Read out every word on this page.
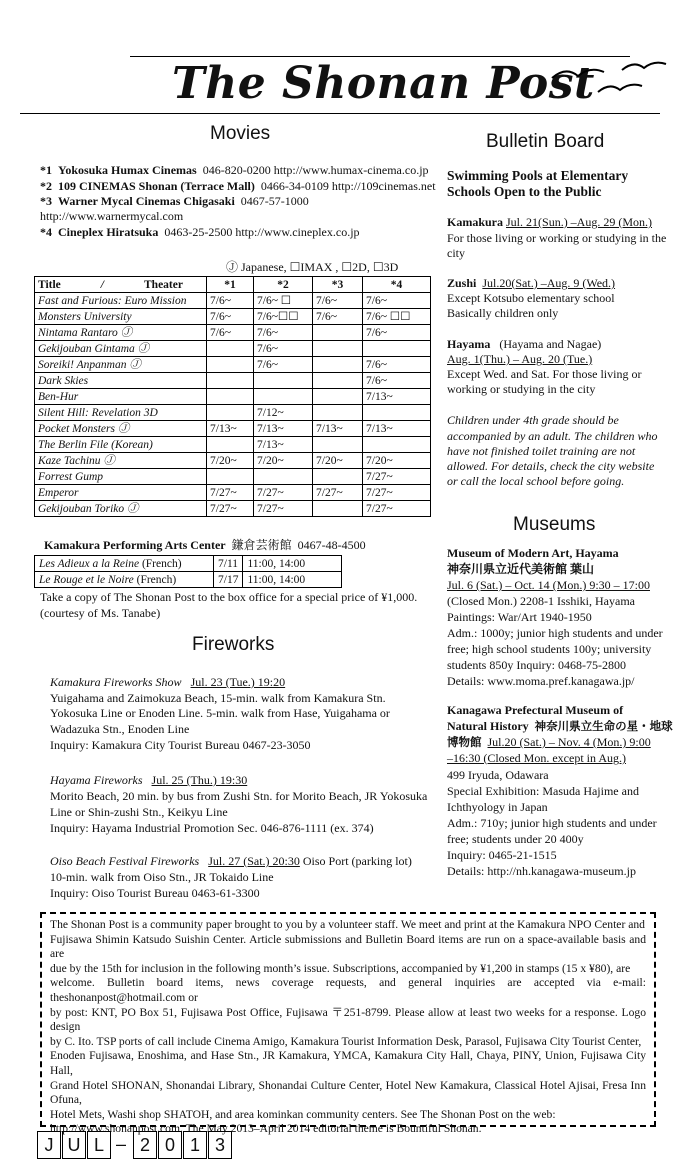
The Shonan Post
Movies
*1 Yokosuka Humax Cinemas 046-820-0200 http://www.humax-cinema.co.jp
*2 109 CINEMAS Shonan (Terrace Mall) 0466-34-0109 http://109cinemas.net
*3 Warner Mycal Cinemas Chigasaki 0467-57-1000
http://www.warnermycal.com
*4 Cineplex Hiratsuka 0463-25-2500 http://www.cineplex.co.jp
Ⓙ Japanese, ☐IMAX , ☐2D, ☐3D
Title / Theater	*1	*2	*3	*4
Fast and Furious: Euro Mission	7/6~	7/6~ ☐	7/6~	7/6~
Monsters University	7/6~	7/6~☐☐	7/6~	7/6~ ☐☐
Nintama Rantaro Ⓙ	7/6~	7/6~		7/6~
Gekijouban Gintama Ⓙ		7/6~		
Soreiki! Anpanman Ⓙ		7/6~		7/6~
Dark Skies				7/6~
Ben-Hur				7/13~
Silent Hill: Revelation 3D		7/12~		
Pocket Monsters Ⓙ	7/13~	7/13~	7/13~	7/13~
The Berlin File (Korean)		7/13~		
Kaze Tachinu Ⓙ	7/20~	7/20~	7/20~	7/20~
Forrest Gump				7/27~
Emperor	7/27~	7/27~	7/27~	7/27~
Gekijouban Toriko Ⓙ	7/27~	7/27~		7/27~
Kamakura Performing Arts Center 鎌倉芸術館 0467-48-4500
Les Adieux a la Reine (French)	7/11	11:00, 14:00
Le Rouge et le Noire (French)	7/17	11:00, 14:00
Take a copy of The Shonan Post to the box office for a special price of ¥1,000.
(courtesy of Ms. Tanabe)
Fireworks
Kamakura Fireworks Show Jul. 23 (Tue.) 19:20
Yuigahama and Zaimokuza Beach, 15-min. walk from Kamakura Stn.
Yokosuka Line or Enoden Line. 5-min. walk from Hase, Yuigahama or
Wadazuka Stn., Enoden Line
Inquiry: Kamakura City Tourist Bureau 0467-23-3050
Hayama Fireworks Jul. 25 (Thu.) 19:30
Morito Beach, 20 min. by bus from Zushi Stn. for Morito Beach, JR Yokosuka
Line or Shin-zushi Stn., Keikyu Line
Inquiry: Hayama Industrial Promotion Sec. 046-876-1111 (ex. 374)
Oiso Beach Festival Fireworks Jul. 27 (Sat.) 20:30 Oiso Port (parking lot)
10-min. walk from Oiso Stn., JR Tokaido Line
Inquiry: Oiso Tourist Bureau 0463-61-3300
Bulletin Board
Swimming Pools at Elementary
Schools Open to the Public
Kamakura Jul. 21(Sun.) –Aug. 29 (Mon.)
For those living or working or studying in the
city
Zushi Jul.20(Sat.) –Aug. 9 (Wed.)
Except Kotsubo elementary school
Basically children only
Hayama (Hayama and Nagae)
Aug. 1(Thu.) – Aug. 20 (Tue.)
Except Wed. and Sat. For those living or
working or studying in the city
Children under 4th grade should be
accompanied by an adult. The children who
have not finished toilet training are not
allowed. For details, check the city website
or call the local school before going.
Museums
Museum of Modern Art, Hayama
神奈川県立近代美術館 葉山
Jul. 6 (Sat.) – Oct. 14 (Mon.) 9:30 – 17:00
(Closed Mon.) 2208-1 Isshiki, Hayama
Paintings: War/Art 1940-1950
Adm.: 1000y; junior high students and under
free; high school students 100y; university
students 850y Inquiry: 0468-75-2800
Details: www.moma.pref.kanagawa.jp/
Kanagawa Prefectural Museum of
Natural History 神奈川県立生命の星・地球
博物館 Jul.20 (Sat.) – Nov. 4 (Mon.) 9:00
–16:30 (Closed Mon. except in Aug.)
499 Iryuda, Odawara
Special Exhibition: Masuda Hajime and
Ichthyology in Japan
Adm.: 710y; junior high students and under
free; students under 20 400y
Inquiry: 0465-21-1515
Details: http://nh.kanagawa-museum.jp
The Shonan Post is a community paper brought to you by a volunteer staff. We meet and print at the Kamakura NPO Center and
Fujisawa Shimin Katsudo Suishin Center. Article submissions and Bulletin Board items are run on a space-available basis and are
due by the 15th for inclusion in the following month’s issue. Subscriptions, accompanied by ¥1,200 in stamps (15 x ¥80), are
welcome. Bulletin board items, news coverage requests, and general inquiries are accepted via e-mail: theshonanpost@hotmail.com or
by post: KNT, PO Box 51, Fujisawa Post Office, Fujisawa 〒251-8799. Please allow at least two weeks for a response. Logo design
by C. Ito. TSP ports of call include Cinema Amigo, Kamakura Tourist Information Desk, Parasol, Fujisawa City Tourist Center,
Enoden Fujisawa, Enoshima, and Hase Stn., JR Kamakura, YMCA, Kamakura City Hall, Chaya, PINY, Union, Fujisawa City Hall,
Grand Hotel SHONAN, Shonandai Library, Shonandai Culture Center, Hotel New Kamakura, Classical Hotel Ajisai, Fresa Inn Ofuna,
Hotel Mets, Washi shop SHATOH, and area kominkan community centers. See The Shonan Post on the web:
http://www.shonanpost.com. The May 2013–April 2014 editorial theme is Bountiful Shonan.
J U L – 2 0 1 3
